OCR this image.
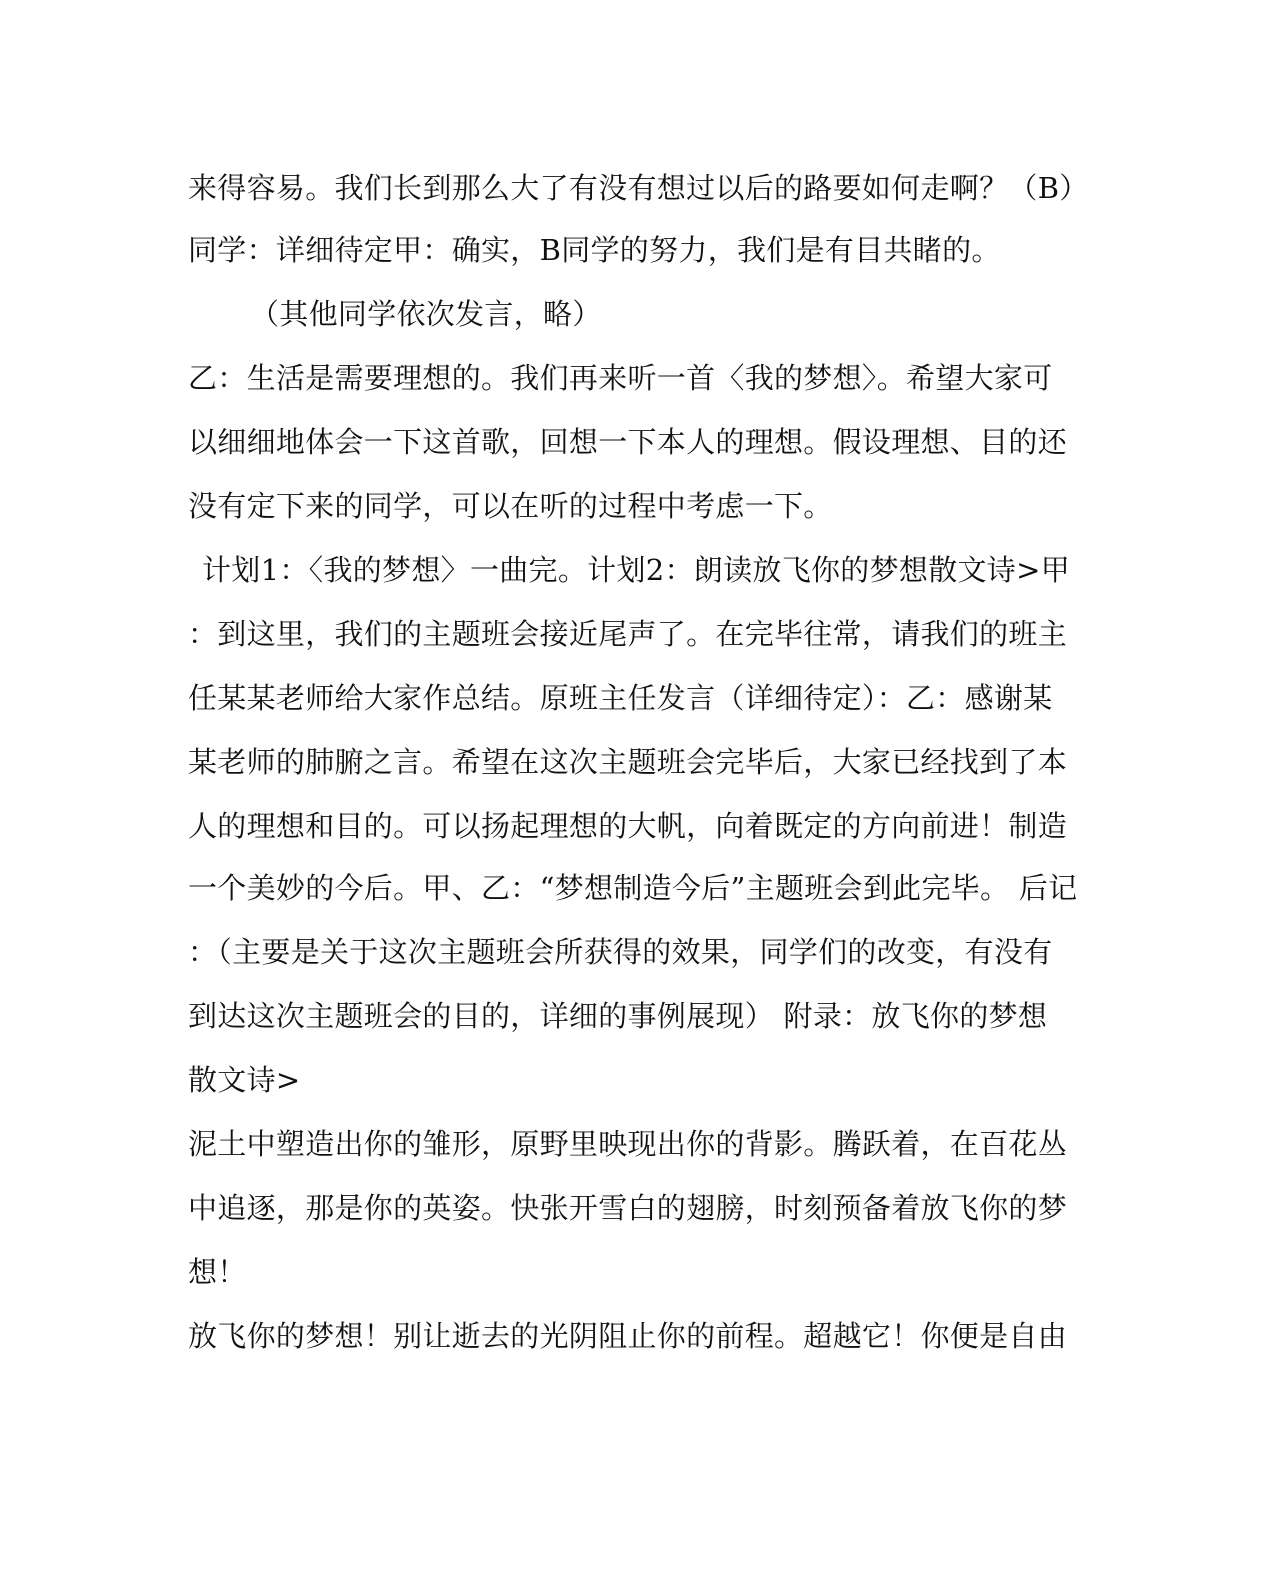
来得容易。我们长到那么大了有没有想过以后的路要如何走啊？（B）
同学：详细待定甲：确实，B同学的努力，我们是有目共睹的。
（其他同学依次发言，略）
乙：生活是需要理想的。我们再来听一首〈我的梦想〉。希望大家可
以细细地体会一下这首歌，回想一下本人的理想。假设理想、目的还
没有定下来的同学，可以在听的过程中考虑一下。
计划1：〈我的梦想〉一曲完。计划2：朗读放飞你的梦想散文诗>甲
：到这里，我们的主题班会接近尾声了。在完毕往常，请我们的班主
任某某老师给大家作总结。原班主任发言（详细待定）：乙：感谢某
某老师的肺腑之言。希望在这次主题班会完毕后，大家已经找到了本
人的理想和目的。可以扬起理想的大帆，向着既定的方向前进！制造
一个美妙的今后。甲、乙：“梦想制造今后”主题班会到此完毕。 后记
：（主要是关于这次主题班会所获得的效果，同学们的改变，有没有
到达这次主题班会的目的，详细的事例展现） 附录：放飞你的梦想
散文诗>
泥土中塑造出你的雏形，原野里映现出你的背影。腾跃着，在百花丛
中追逐，那是你的英姿。快张开雪白的翅膀，时刻预备着放飞你的梦
想！
放飞你的梦想！别让逝去的光阴阻止你的前程。超越它！你便是自由
